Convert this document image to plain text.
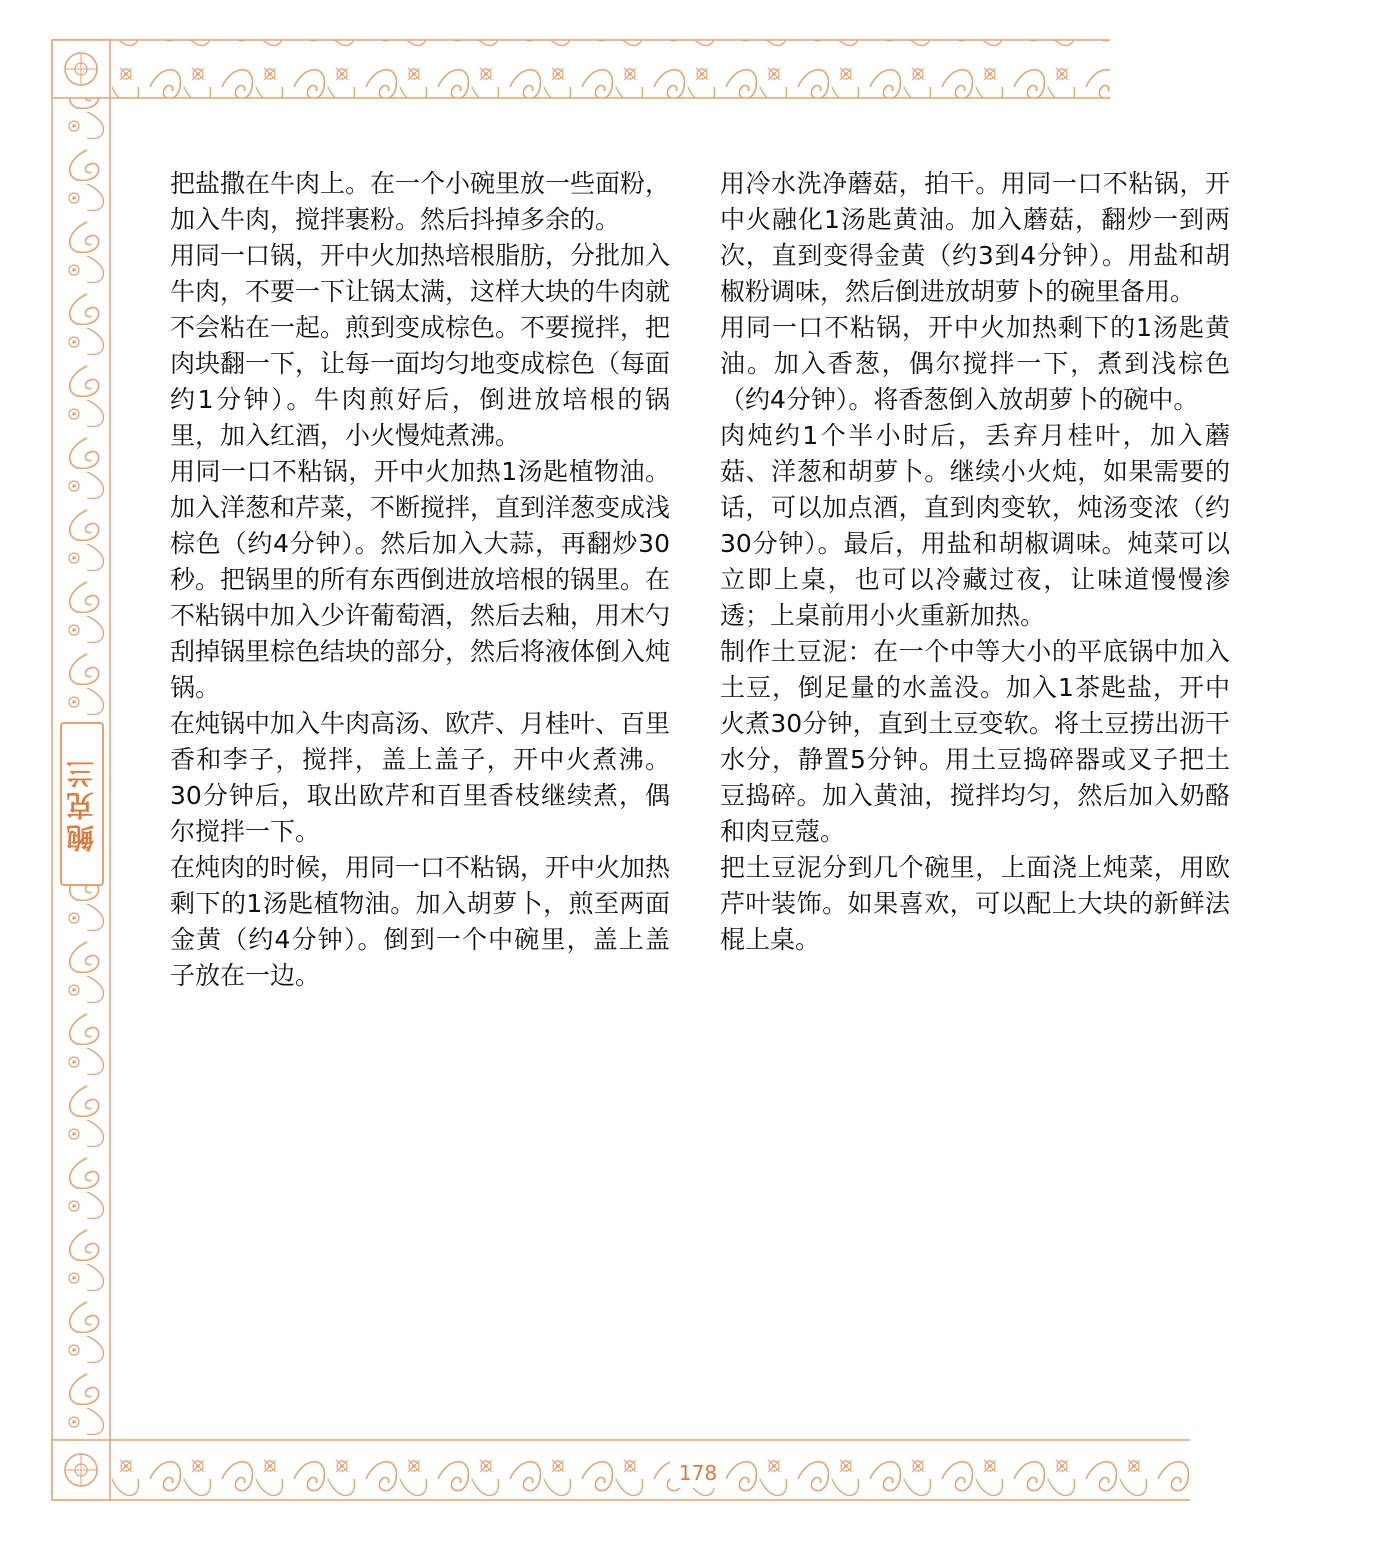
鲍克兰

把盐撒在牛肉上。在一个小碗里放一些面粉，加入牛肉，搅拌裹粉。然后抖掉多余的。

用同一口锅，开中火加热培根脂肪，分批加入牛肉，不要一下让锅太满，这样大块的牛肉就不会粘在一起。煎到变成棕色。不要搅拌，把肉块翻一下，让每一面均匀地变成棕色（每面约1分钟）。牛肉煎好后，倒进放培根的锅里，加入红酒，小火慢炖煮沸。

用同一口不粘锅，开中火加热1汤匙植物油。加入洋葱和芹菜，不断搅拌，直到洋葱变成浅棕色（约4分钟）。然后加入大蒜，再翻炒30秒。把锅里的所有东西倒进放培根的锅里。在不粘锅中加入少许葡萄酒，然后去釉，用木勺刮掉锅里棕色结块的部分，然后将液体倒入炖锅。

在炖锅中加入牛肉高汤、欧芹、月桂叶、百里香和李子，搅拌，盖上盖子，开中火煮沸。30分钟后，取出欧芹和百里香枝继续煮，偶尔搅拌一下。

在炖肉的时候，用同一口不粘锅，开中火加热剩下的1汤匙植物油。加入胡萝卜，煎至两面金黄（约4分钟）。倒到一个中碗里，盖上盖子放在一边。

用冷水洗净蘑菇，拍干。用同一口不粘锅，开中火融化1汤匙黄油。加入蘑菇，翻炒一到两次，直到变得金黄（约3到4分钟）。用盐和胡椒粉调味，然后倒进放胡萝卜的碗里备用。

用同一口不粘锅，开中火加热剩下的1汤匙黄油。加入香葱，偶尔搅拌一下，煮到浅棕色（约4分钟）。将香葱倒入放胡萝卜的碗中。

肉炖约1个半小时后，丢弃月桂叶，加入蘑菇、洋葱和胡萝卜。继续小火炖，如果需要的话，可以加点酒，直到肉变软，炖汤变浓（约30分钟）。最后，用盐和胡椒调味。炖菜可以立即上桌，也可以冷藏过夜，让味道慢慢渗透；上桌前用小火重新加热。

制作土豆泥：在一个中等大小的平底锅中加入土豆，倒足量的水盖没。加入1茶匙盐，开中火煮30分钟，直到土豆变软。将土豆捞出沥干水分，静置5分钟。用土豆捣碎器或叉子把土豆捣碎。加入黄油，搅拌均匀，然后加入奶酪和肉豆蔻。

把土豆泥分到几个碗里，上面浇上炖菜，用欧芹叶装饰。如果喜欢，可以配上大块的新鲜法棍上桌。

178
